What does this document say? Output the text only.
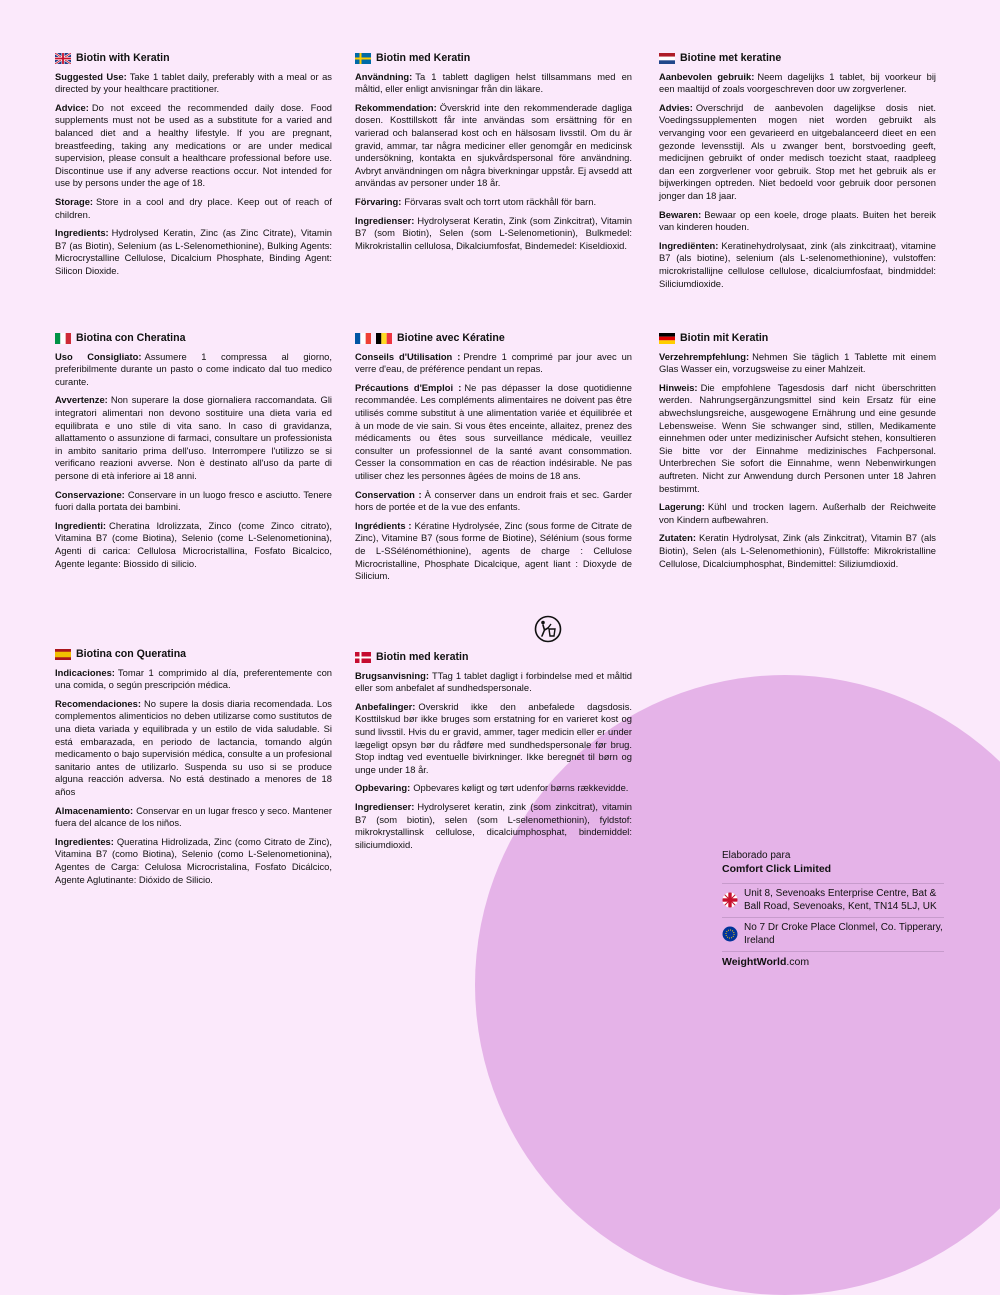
Biotin with Keratin
Suggested Use: Take 1 tablet daily, preferably with a meal or as directed by your healthcare practitioner.
Advice: Do not exceed the recommended daily dose. Food supplements must not be used as a substitute for a varied and balanced diet and a healthy lifestyle. If you are pregnant, breastfeeding, taking any medications or are under medical supervision, please consult a healthcare professional before use. Discontinue use if any adverse reactions occur. Not intended for use by persons under the age of 18.
Storage: Store in a cool and dry place. Keep out of reach of children.
Ingredients: Hydrolysed Keratin, Zinc (as Zinc Citrate), Vitamin B7 (as Biotin), Selenium (as L-Selenomethionine), Bulking Agents: Microcrystalline Cellulose, Dicalcium Phosphate, Binding Agent: Silicon Dioxide.
Biotin med Keratin
Användning: Ta 1 tablett dagligen helst tillsammans med en måltid, eller enligt anvisningar från din läkare.
Rekommendation: Överskrid inte den rekommenderade dagliga dosen. Kosttillskott får inte användas som ersättning för en varierad och balanserad kost och en hälsosam livsstil. Om du är gravid, ammar, tar några mediciner eller genomgår en medicinsk undersökning, kontakta en sjukvårdspersonal före användning. Avbryt användningen om några biverkningar uppstår. Ej avsedd att användas av personer under 18 år.
Förvaring: Förvaras svalt och torrt utom räckhåll för barn.
Ingredienser: Hydrolyserat Keratin, Zink (som Zinkcitrat), Vitamin B7 (som Biotin), Selen (som L-Selenometionin), Bulkmedel: Mikrokristallin cellulosa, Dikalciumfosfat, Bindemedel: Kiseldioxid.
Biotine met keratine
Aanbevolen gebruik: Neem dagelijks 1 tablet, bij voorkeur bij een maaltijd of zoals voorgeschreven door uw zorgverlener.
Advies: Overschrijd de aanbevolen dagelijkse dosis niet. Voedingssupplementen mogen niet worden gebruikt als vervanging voor een gevarieerd en uitgebalanceerd dieet en een gezonde levensstijl. Als u zwanger bent, borstvoeding geeft, medicijnen gebruikt of onder medisch toezicht staat, raadpleeg dan een zorgverlener voor gebruik. Stop met het gebruik als er bijwerkingen optreden. Niet bedoeld voor gebruik door personen jonger dan 18 jaar.
Bewaren: Bewaar op een koele, droge plaats. Buiten het bereik van kinderen houden.
Ingrediënten: Keratinehydrolysaat, zink (als zinkcitraat), vitamine B7 (als biotine), selenium (als L-selenomethionine), vulstoffen: microkristallijne cellulose cellulose, dicalciumfosfaat, bindmiddel: Siliciumdioxide.
Biotina con Cheratina
Uso Consigliato: Assumere 1 compressa al giorno, preferibilmente durante un pasto o come indicato dal tuo medico curante.
Avvertenze: Non superare la dose giornaliera raccomandata. Gli integratori alimentari non devono sostituire una dieta varia ed equilibrata e uno stile di vita sano. In caso di gravidanza, allattamento o assunzione di farmaci, consultare un professionista in ambito sanitario prima dell'uso. Interrompere l'utilizzo se si verificano reazioni avverse. Non è destinato all'uso da parte di persone di età inferiore ai 18 anni.
Conservazione: Conservare in un luogo fresco e asciutto. Tenere fuori dalla portata dei bambini.
Ingredienti: Cheratina Idrolizzata, Zinco (come Zinco citrato), Vitamina B7 (come Biotina), Selenio (come L-Selenometionina), Agenti di carica: Cellulosa Microcristallina, Fosfato Bicalcico, Agente legante: Biossido di silicio.
Biotine avec Kératine
Conseils d'Utilisation : Prendre 1 comprimé par jour avec un verre d'eau, de préférence pendant un repas.
Précautions d'Emploi : Ne pas dépasser la dose quotidienne recommandée. Les compléments alimentaires ne doivent pas être utilisés comme substitut à une alimentation variée et équilibrée et à un mode de vie sain. Si vous êtes enceinte, allaitez, prenez des médicaments ou êtes sous surveillance médicale, veuillez consulter un professionnel de la santé avant consommation. Cesser la consommation en cas de réaction indésirable. Ne pas utiliser chez les personnes âgées de moins de 18 ans.
Conservation : À conserver dans un endroit frais et sec. Garder hors de portée et de la vue des enfants.
Ingrédients : Kératine Hydrolysée, Zinc (sous forme de Citrate de Zinc), Vitamine B7 (sous forme de Biotine), Sélénium (sous forme de L-SSélénométhionine), agents de charge : Cellulose Microcristalline, Phosphate Dicalcique, agent liant : Dioxyde de Silicium.
Biotin mit Keratin
Verzehrempfehlung: Nehmen Sie täglich 1 Tablette mit einem Glas Wasser ein, vorzugsweise zu einer Mahlzeit.
Hinweis: Die empfohlene Tagesdosis darf nicht überschritten werden. Nahrungsergänzungsmittel sind kein Ersatz für eine abwechslungsreiche, ausgewogene Ernährung und eine gesunde Lebensweise. Wenn Sie schwanger sind, stillen, Medikamente einnehmen oder unter medizinischer Aufsicht stehen, konsultieren Sie bitte vor der Einnahme medizinisches Fachpersonal. Unterbrechen Sie sofort die Einnahme, wenn Nebenwirkungen auftreten. Nicht zur Anwendung durch Personen unter 18 Jahren bestimmt.
Lagerung: Kühl und trocken lagern. Außerhalb der Reichweite von Kindern aufbewahren.
Zutaten: Keratin Hydrolysat, Zink (als Zinkcitrat), Vitamin B7 (als Biotin), Selen (als L-Selenomethionin), Füllstoffe: Mikrokristalline Cellulose, Dicalciumphosphat, Bindemittel: Siliziumdioxid.
Biotina con Queratina
Indicaciones: Tomar 1 comprimido al día, preferentemente con una comida, o según prescripción médica.
Recomendaciones: No supere la dosis diaria recomendada. Los complementos alimenticios no deben utilizarse como sustitutos de una dieta variada y equilibrada y un estilo de vida saludable. Si está embarazada, en periodo de lactancia, tomando algún medicamento o bajo supervisión médica, consulte a un profesional sanitario antes de utilizarlo. Suspenda su uso si se produce alguna reacción adversa. No está destinado a menores de 18 años
Almacenamiento: Conservar en un lugar fresco y seco. Mantener fuera del alcance de los niños.
Ingredientes: Queratina Hidrolizada, Zinc (como Citrato de Zinc), Vitamina B7 (como Biotina), Selenio (como L-Selenometionina), Agentes de Carga: Celulosa Microcristalina, Fosfato Dicálcico, Agente Aglutinante: Dióxido de Silicio.
Biotin med keratin
Brugsanvisning: TTag 1 tablet dagligt i forbindelse med et måltid eller som anbefalet af sundhedspersonale.
Anbefalinger: Overskrid ikke den anbefalede dagsdosis. Kosttilskud bør ikke bruges som erstatning for en varieret kost og sund livsstil. Hvis du er gravid, ammer, tager medicin eller er under lægeligt opsyn bør du rådføre med sundhedspersonale før brug. Stop indtag ved eventuelle bivirkninger. Ikke beregnet til børn og unge under 18 år.
Opbevaring: Opbevares køligt og tørt udenfor børns rækkevidde.
Ingredienser: Hydrolyseret keratin, zink (som zinkcitrat), vitamin B7 (som biotin), selen (som L-selenomethionin), fyldstof: mikrokrystallinsk cellulose, dicalciumphosphat, bindemiddel: siliciumdioxid.
Elaborado para
Comfort Click Limited
Unit 8, Sevenoaks Enterprise Centre, Bat & Ball Road, Sevenoaks, Kent, TN14 5LJ, UK
No 7 Dr Croke Place Clonmel, Co. Tipperary, Ireland
WeightWorld.com
